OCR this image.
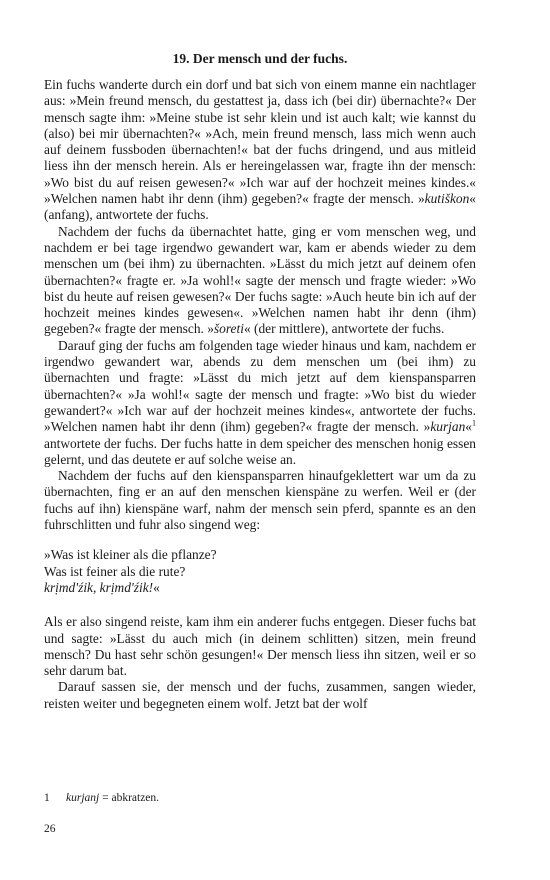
19. Der mensch und der fuchs.

Ein fuchs wanderte durch ein dorf und bat sich von einem manne ein nachtlager aus: »Mein freund mensch, du gestattest ja, dass ich (bei dir) übernachte?« Der mensch sagte ihm: »Meine stube ist sehr klein und ist auch kalt; wie kannst du (also) bei mir übernachten?« »Ach, mein freund mensch, lass mich wenn auch auf deinem fussboden übernachten!« bat der fuchs dringend, und aus mitleid liess ihn der mensch herein. Als er hereingelassen war, fragte ihn der mensch: »Wo bist du auf reisen gewesen?« »Ich war auf der hochzeit meines kindes.« »Welchen namen habt ihr denn (ihm) gegeben?« fragte der mensch. »kutiškon« (anfang), antwortete der fuchs.

Nachdem der fuchs da übernachtet hatte, ging er vom menschen weg, und nachdem er bei tage irgendwo gewandert war, kam er abends wieder zu dem menschen um (bei ihm) zu übernachten. »Lässt du mich jetzt auf deinem ofen übernachten?« fragte er. »Ja wohl!« sagte der mensch und fragte wieder: »Wo bist du heute auf reisen gewesen?« Der fuchs sagte: »Auch heute bin ich auf der hochzeit meines kindes gewesen«. »Welchen namen habt ihr denn (ihm) gegeben?« fragte der mensch. »šoreti« (der mittlere), antwortete der fuchs.

Darauf ging der fuchs am folgenden tage wieder hinaus und kam, nachdem er irgendwo gewandert war, abends zu dem menschen um (bei ihm) zu übernachten und fragte: »Lässt du mich jetzt auf dem kienspansparren übernachten?« »Ja wohl!« sagte der mensch und fragte: »Wo bist du wieder gewandert?« »Ich war auf der hochzeit meines kindes«, antwortete der fuchs. »Welchen namen habt ihr denn (ihm) gegeben?« fragte der mensch. »kurjan«$^1$ antwortete der fuchs. Der fuchs hatte in dem speicher des menschen honig essen gelernt, und das deutete er auf solche weise an.

Nachdem der fuchs auf den kienspansparren hinaufgeklettert war um da zu übernachten, fing er an auf den menschen kienspäne zu werfen. Weil er (der fuchs auf ihn) kienspäne warf, nahm der mensch sein pferd, spannte es an den fuhrschlitten und fuhr also singend weg:

»Was ist kleiner als die pflanze?
Was ist feiner als die rute?
krịmd'źik, krịmd'źik!«

Als er also singend reiste, kam ihm ein anderer fuchs entgegen. Dieser fuchs bat und sagte: »Lässt du auch mich (in deinem schlitten) sitzen, mein freund mensch? Du hast sehr schön gesungen!« Der mensch liess ihn sitzen, weil er so sehr darum bat.

Darauf sassen sie, der mensch und der fuchs, zusammen, sangen wieder, reisten weiter und begegneten einem wolf. Jetzt bat der wolf

1 kurjanj = abkratzen.
26
